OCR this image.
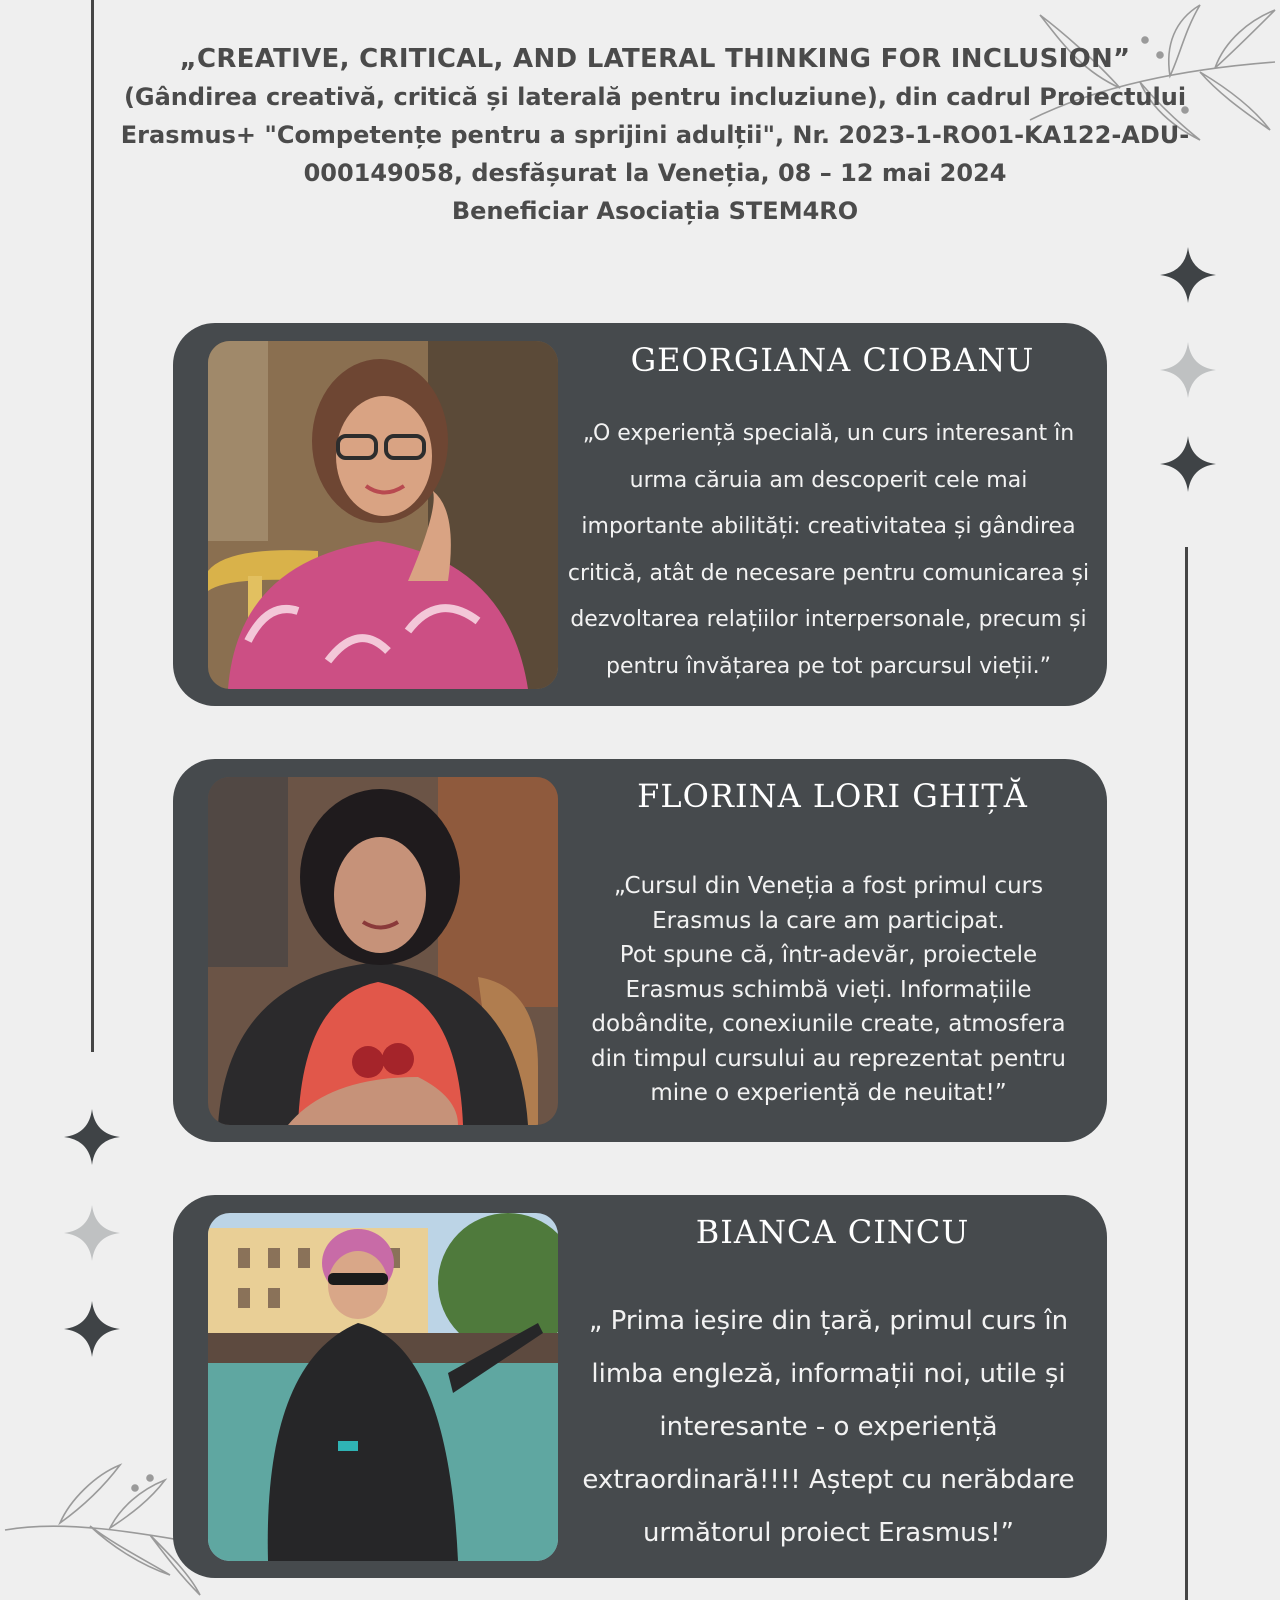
„CREATIVE, CRITICAL, AND LATERAL THINKING FOR INCLUSION”
(Gândirea creativă, critică și laterală pentru incluziune), din cadrul Proiectului
Erasmus+ "Competențe pentru a sprijini adulții", Nr. 2023-1-RO01-KA122-ADU-
000149058, desfășurat la Veneția, 08 – 12 mai 2024
Beneficiar Asociația STEM4RO
GEORGIANA CIOBANU
„O experiență specială, un curs interesant în
urma căruia am descoperit cele mai
importante abilități: creativitatea și gândirea
critică, atât de necesare pentru comunicarea și
dezvoltarea relațiilor interpersonale, precum și
pentru învățarea pe tot parcursul vieții.”
FLORINA LORI GHIȚĂ
„Cursul din Veneția a fost primul curs
Erasmus la care am participat.
Pot spune că, într-adevăr, proiectele
Erasmus schimbă vieți. Informațiile
dobândite, conexiunile create, atmosfera
din timpul cursului au reprezentat pentru
mine o experiență de neuitat!”
BIANCA CINCU
„ Prima ieșire din țară, primul curs în
limba engleză, informații noi, utile și
interesante - o experiență
extraordinară!!!! Aștept cu nerăbdare
următorul proiect Erasmus!”
